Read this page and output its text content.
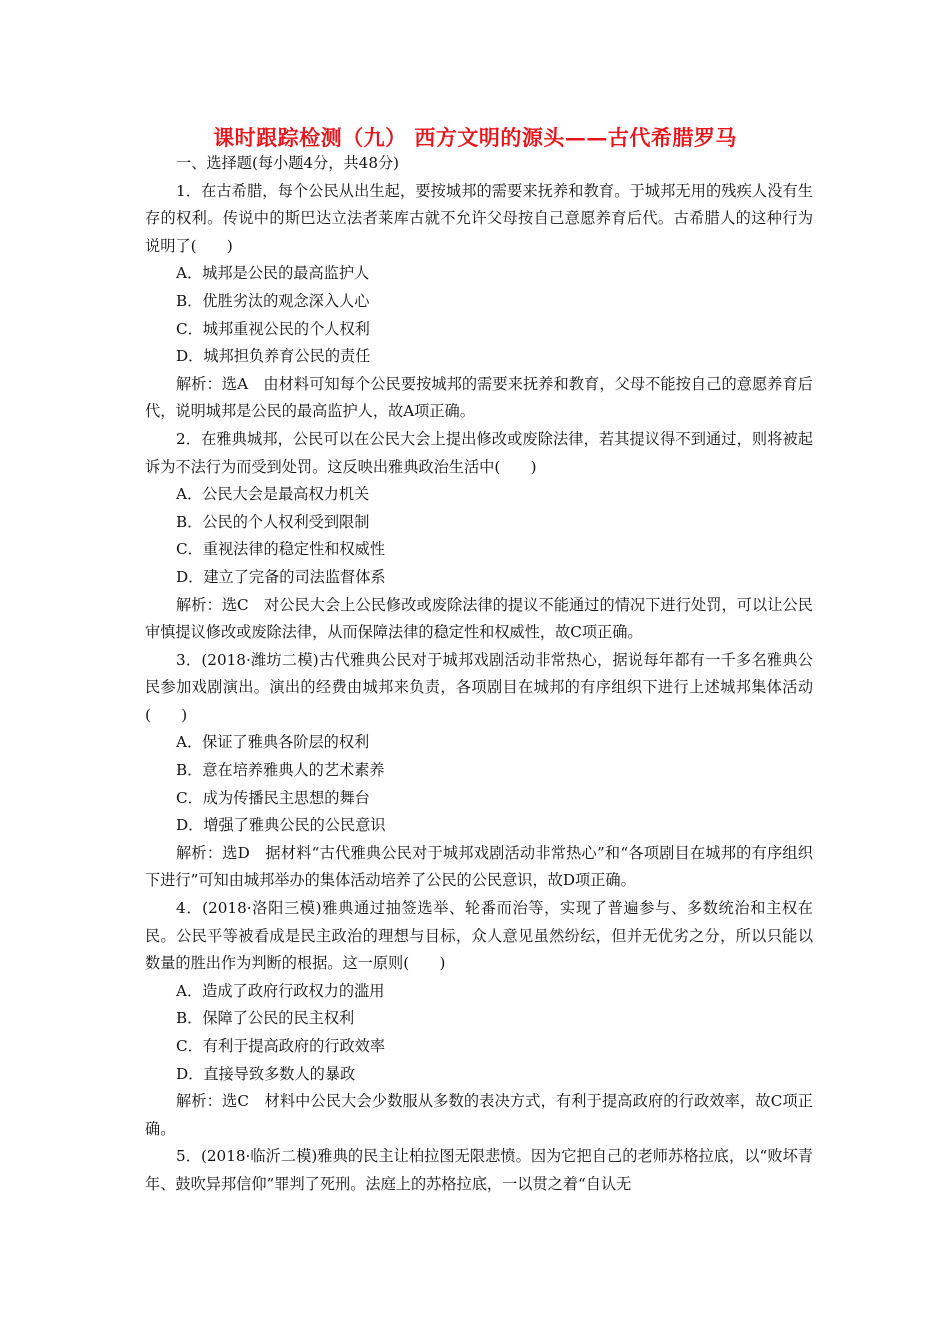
课时跟踪检测（九） 西方文明的源头——古代希腊罗马

一、选择题(每小题4分，共48分)

1．在古希腊，每个公民从出生起，要按城邦的需要来抚养和教育。于城邦无用的残疾人没有生存的权利。传说中的斯巴达立法者莱库古就不允许父母按自己意愿养育后代。古希腊人的这种行为说明了(　　)

A．城邦是公民的最高监护人

B．优胜劣汰的观念深入人心

C．城邦重视公民的个人权利

D．城邦担负养育公民的责任

解析：选A　由材料可知每个公民要按城邦的需要来抚养和教育，父母不能按自己的意愿养育后代，说明城邦是公民的最高监护人，故A项正确。

2．在雅典城邦，公民可以在公民大会上提出修改或废除法律，若其提议得不到通过，则将被起诉为不法行为而受到处罚。这反映出雅典政治生活中(　　)

A．公民大会是最高权力机关

B．公民的个人权利受到限制

C．重视法律的稳定性和权威性

D．建立了完备的司法监督体系

解析：选C　对公民大会上公民修改或废除法律的提议不能通过的情况下进行处罚，可以让公民审慎提议修改或废除法律，从而保障法律的稳定性和权威性，故C项正确。

3．(2018·潍坊二模)古代雅典公民对于城邦戏剧活动非常热心，据说每年都有一千多名雅典公民参加戏剧演出。演出的经费由城邦来负责，各项剧目在城邦的有序组织下进行上述城邦集体活动(　　)

A．保证了雅典各阶层的权利

B．意在培养雅典人的艺术素养

C．成为传播民主思想的舞台

D．增强了雅典公民的公民意识

解析：选D　据材料“古代雅典公民对于城邦戏剧活动非常热心”和“各项剧目在城邦的有序组织下进行”可知由城邦举办的集体活动培养了公民的公民意识，故D项正确。

4．(2018·洛阳三模)雅典通过抽签选举、轮番而治等，实现了普遍参与、多数统治和主权在民。公民平等被看成是民主政治的理想与目标，众人意见虽然纷纭，但并无优劣之分，所以只能以数量的胜出作为判断的根据。这一原则(　　)

A．造成了政府行政权力的滥用

B．保障了公民的民主权利

C．有利于提高政府的行政效率

D．直接导致多数人的暴政

解析：选C　材料中公民大会少数服从多数的表决方式，有利于提高政府的行政效率，故C项正确。

5．(2018·临沂二模)雅典的民主让柏拉图无限悲愤。因为它把自己的老师苏格拉底，以“败坏青年、鼓吹异邦信仰”罪判了死刑。法庭上的苏格拉底，一以贯之着“自认无
